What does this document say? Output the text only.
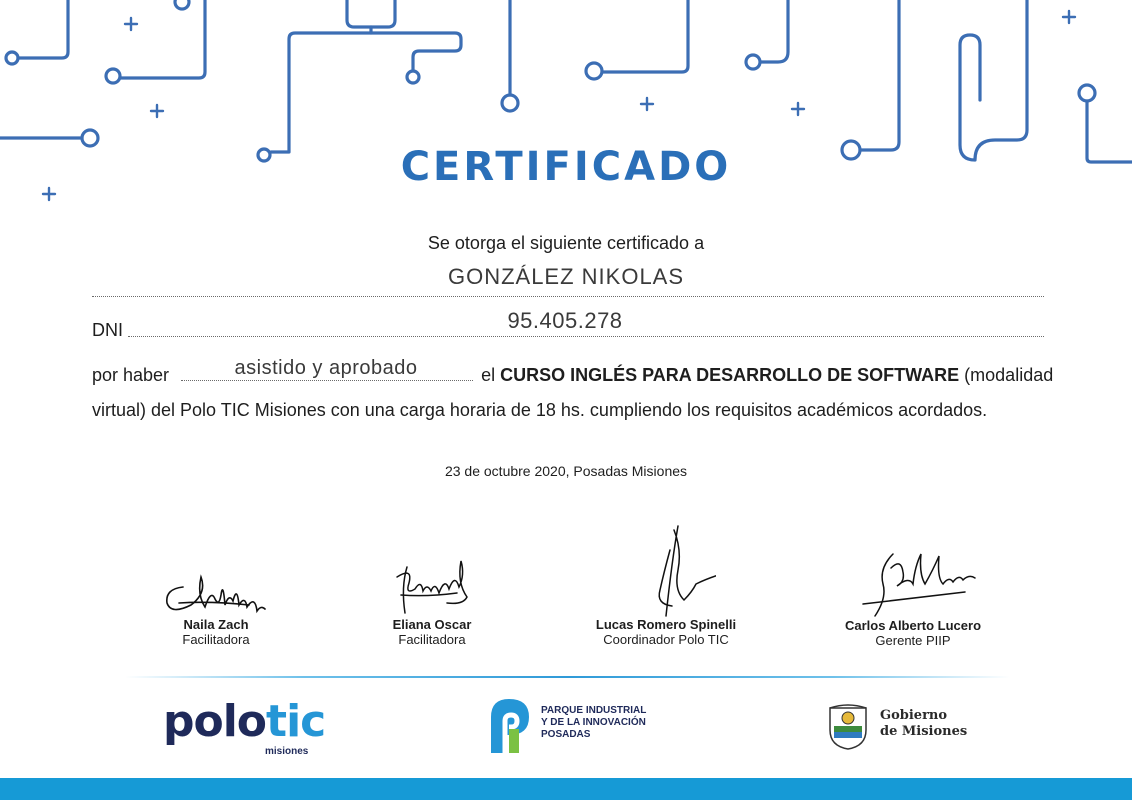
CERTIFICADO
Se otorga el siguiente certificado a
GONZÁLEZ NIKOLAS
DNI	95.405.278
asistido y aprobado
por haber	el CURSO INGLÉS PARA DESARROLLO DE SOFTWARE (modalidad
virtual) del Polo TIC Misiones con una carga horaria de 18 hs. cumpliendo los requisitos académicos acordados.
23 de octubre 2020, Posadas Misiones
Naila Zach
Facilitadora
Eliana Oscar
Facilitadora
Lucas Romero Spinelli
Coordinador Polo TIC
Carlos Alberto Lucero
Gerente PIIP
polotic
misiones
PARQUE INDUSTRIAL
Y DE LA INNOVACIÓN
POSADAS
Gobierno
de Misiones
